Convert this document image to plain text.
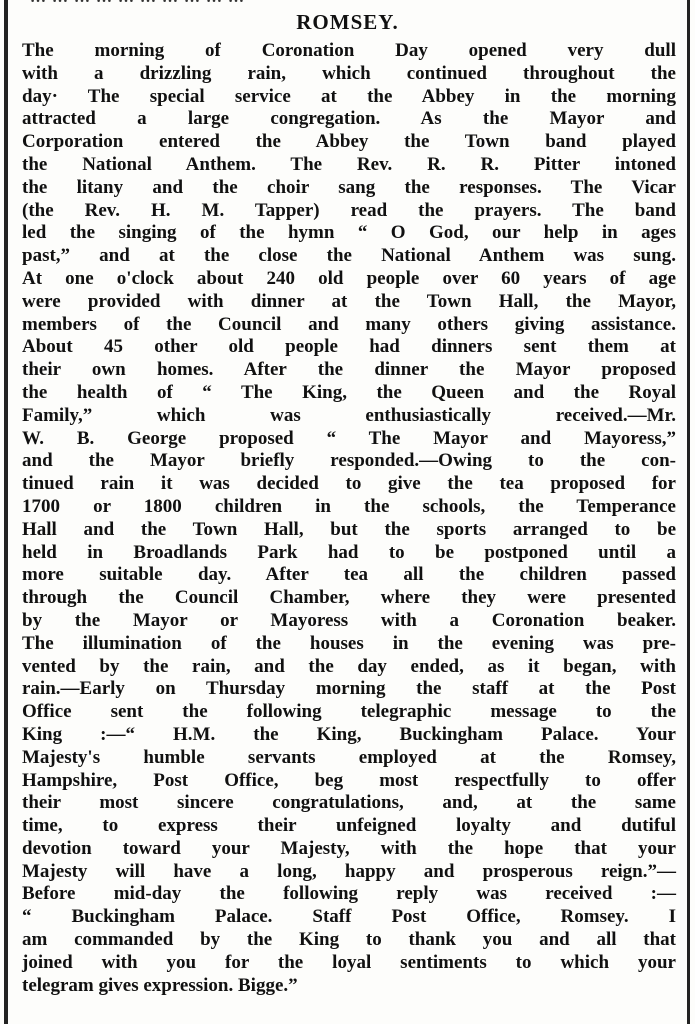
ROMSEY.
The morning of Coronation Day opened very dull
with a drizzling rain, which continued throughout the
day· The special service at the Abbey in the morning
attracted a large congregation. As the Mayor and
Corporation entered the Abbey the Town band played
the National Anthem. The Rev. R. R. Pitter intoned
the litany and the choir sang the responses. The Vicar
(the Rev. H. M. Tapper) read the prayers. The band
led the singing of the hymn “ O God, our help in ages
past,” and at the close the National Anthem was sung.
At one o'clock about 240 old people over 60 years of age
were provided with dinner at the Town Hall, the Mayor,
members of the Council and many others giving assistance.
About 45 other old people had dinners sent them at
their own homes. After the dinner the Mayor proposed
the health of “ The King, the Queen and the Royal
Family,” which was enthusiastically received.—Mr.
W. B. George proposed “ The Mayor and Mayoress,”
and the Mayor briefly responded.—Owing to the con-
tinued rain it was decided to give the tea proposed for
1700 or 1800 children in the schools, the Temperance
Hall and the Town Hall, but the sports arranged to be
held in Broadlands Park had to be postponed until a
more suitable day. After tea all the children passed
through the Council Chamber, where they were presented
by the Mayor or Mayoress with a Coronation beaker.
The illumination of the houses in the evening was pre-
vented by the rain, and the day ended, as it began, with
rain.—Early on Thursday morning the staff at the Post
Office sent the following telegraphic message to the
King :—“ H.M. the King, Buckingham Palace. Your
Majesty's humble servants employed at the Romsey,
Hampshire, Post Office, beg most respectfully to offer
their most sincere congratulations, and, at the same
time, to express their unfeigned loyalty and dutiful
devotion toward your Majesty, with the hope that your
Majesty will have a long, happy and prosperous reign.”—
Before mid-day the following reply was received :—
“ Buckingham Palace. Staff Post Office, Romsey. I
am commanded by the King to thank you and all that
joined with you for the loyal sentiments to which your
telegram gives expression. Bigge.”
